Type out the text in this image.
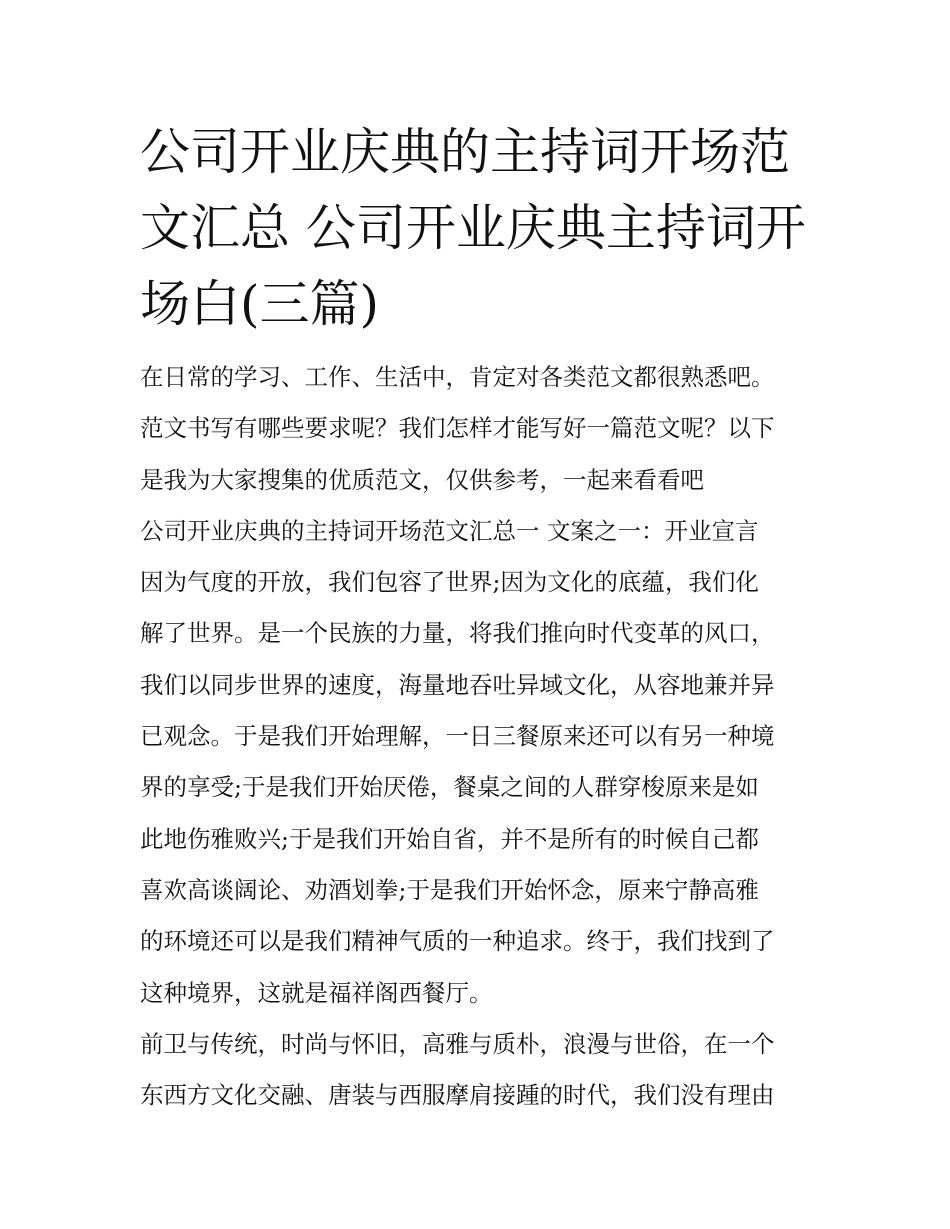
公司开业庆典的主持词开场范
文汇总 公司开业庆典主持词开
场白(三篇)
在日常的学习、工作、生活中，肯定对各类范文都很熟悉吧。
范文书写有哪些要求呢？我们怎样才能写好一篇范文呢？以下
是我为大家搜集的优质范文，仅供参考，一起来看看吧
公司开业庆典的主持词开场范文汇总一 文案之一：开业宣言
因为气度的开放，我们包容了世界;因为文化的底蕴，我们化
解了世界。是一个民族的力量，将我们推向时代变革的风口，
我们以同步世界的速度，海量地吞吐异域文化，从容地兼并异
已观念。于是我们开始理解，一日三餐原来还可以有另一种境
界的享受;于是我们开始厌倦，餐桌之间的人群穿梭原来是如
此地伤雅败兴;于是我们开始自省，并不是所有的时候自己都
喜欢高谈阔论、劝酒划拳;于是我们开始怀念，原来宁静高雅
的环境还可以是我们精神气质的一种追求。终于，我们找到了
这种境界，这就是福祥阁西餐厅。
前卫与传统，时尚与怀旧，高雅与质朴，浪漫与世俗，在一个
东西方文化交融、唐装与西服摩肩接踵的时代，我们没有理由
